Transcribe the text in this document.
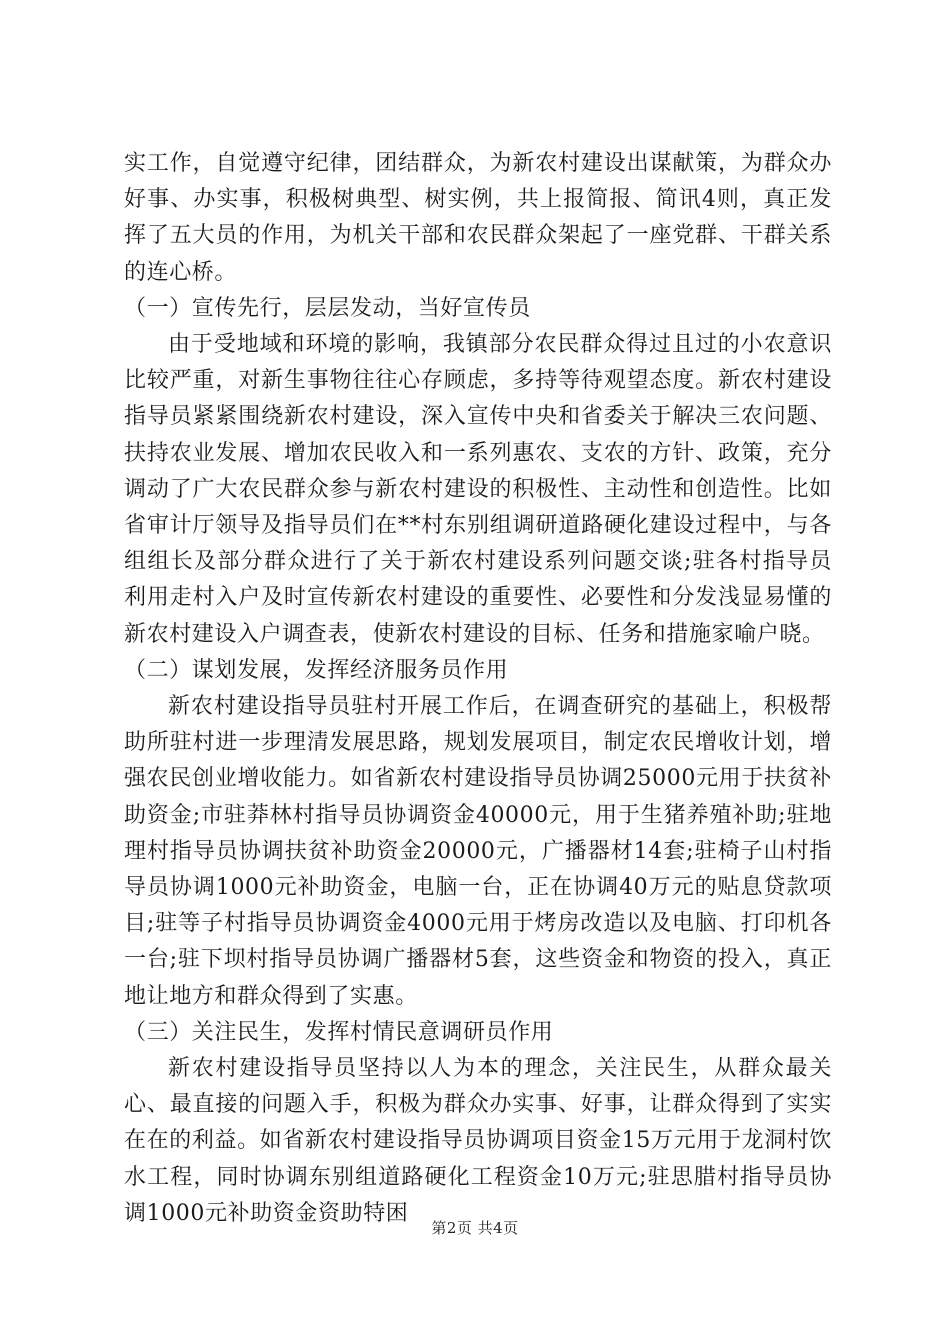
实工作，自觉遵守纪律，团结群众，为新农村建设出谋献策，为群众办好事、办实事，积极树典型、树实例，共上报简报、简讯4则，真正发挥了五大员的作用，为机关干部和农民群众架起了一座党群、干群关系的连心桥。

（一）宣传先行，层层发动，当好宣传员

由于受地域和环境的影响，我镇部分农民群众得过且过的小农意识比较严重，对新生事物往往心存顾虑，多持等待观望态度。新农村建设指导员紧紧围绕新农村建设，深入宣传中央和省委关于解决三农问题、扶持农业发展、增加农民收入和一系列惠农、支农的方针、政策，充分调动了广大农民群众参与新农村建设的积极性、主动性和创造性。比如省审计厅领导及指导员们在**村东别组调研道路硬化建设过程中，与各组组长及部分群众进行了关于新农村建设系列问题交谈;驻各村指导员利用走村入户及时宣传新农村建设的重要性、必要性和分发浅显易懂的新农村建设入户调查表，使新农村建设的目标、任务和措施家喻户晓。

（二）谋划发展，发挥经济服务员作用

新农村建设指导员驻村开展工作后，在调查研究的基础上，积极帮助所驻村进一步理清发展思路，规划发展项目，制定农民增收计划，增强农民创业增收能力。如省新农村建设指导员协调25000元用于扶贫补助资金;市驻莽林村指导员协调资金40000元，用于生猪养殖补助;驻地理村指导员协调扶贫补助资金20000元，广播器材14套;驻椅子山村指导员协调1000元补助资金，电脑一台，正在协调40万元的贴息贷款项目;驻等子村指导员协调资金4000元用于烤房改造以及电脑、打印机各一台;驻下坝村指导员协调广播器材5套，这些资金和物资的投入，真正地让地方和群众得到了实惠。

（三）关注民生，发挥村情民意调研员作用

新农村建设指导员坚持以人为本的理念，关注民生，从群众最关心、最直接的问题入手，积极为群众办实事、好事，让群众得到了实实在在的利益。如省新农村建设指导员协调项目资金15万元用于龙洞村饮水工程，同时协调东别组道路硬化工程资金10万元;驻思腊村指导员协调1000元补助资金资助特困

第2页 共4页
